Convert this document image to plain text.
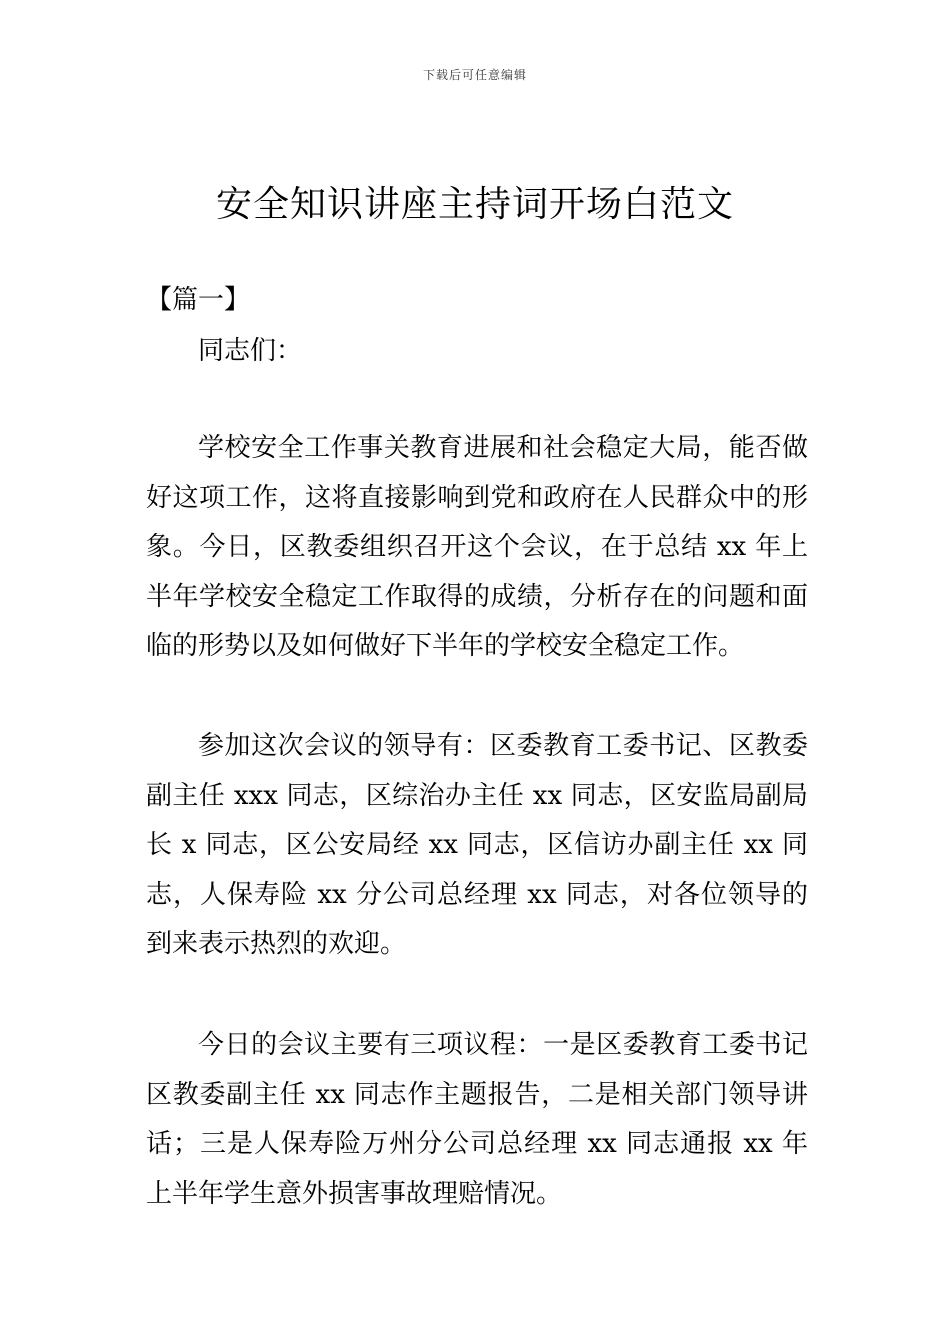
下载后可任意编辑
安全知识讲座主持词开场白范文
【篇一】
同志们：

学校安全工作事关教育进展和社会稳定大局，能否做好这项工作，这将直接影响到党和政府在人民群众中的形象。今日，区教委组织召开这个会议，在于总结 xx 年上半年学校安全稳定工作取得的成绩，分析存在的问题和面临的形势以及如何做好下半年的学校安全稳定工作。

参加这次会议的领导有：区委教育工委书记、区教委副主任 xxx 同志，区综治办主任 xx 同志，区安监局副局长 x 同志，区公安局经 xx 同志，区信访办副主任 xx 同志，人保寿险 xx 分公司总经理 xx 同志，对各位领导的到来表示热烈的欢迎。

今日的会议主要有三项议程：一是区委教育工委书记区教委副主任 xx 同志作主题报告，二是相关部门领导讲话；三是人保寿险万州分公司总经理 xx 同志通报 xx 年上半年学生意外损害事故理赔情况。
